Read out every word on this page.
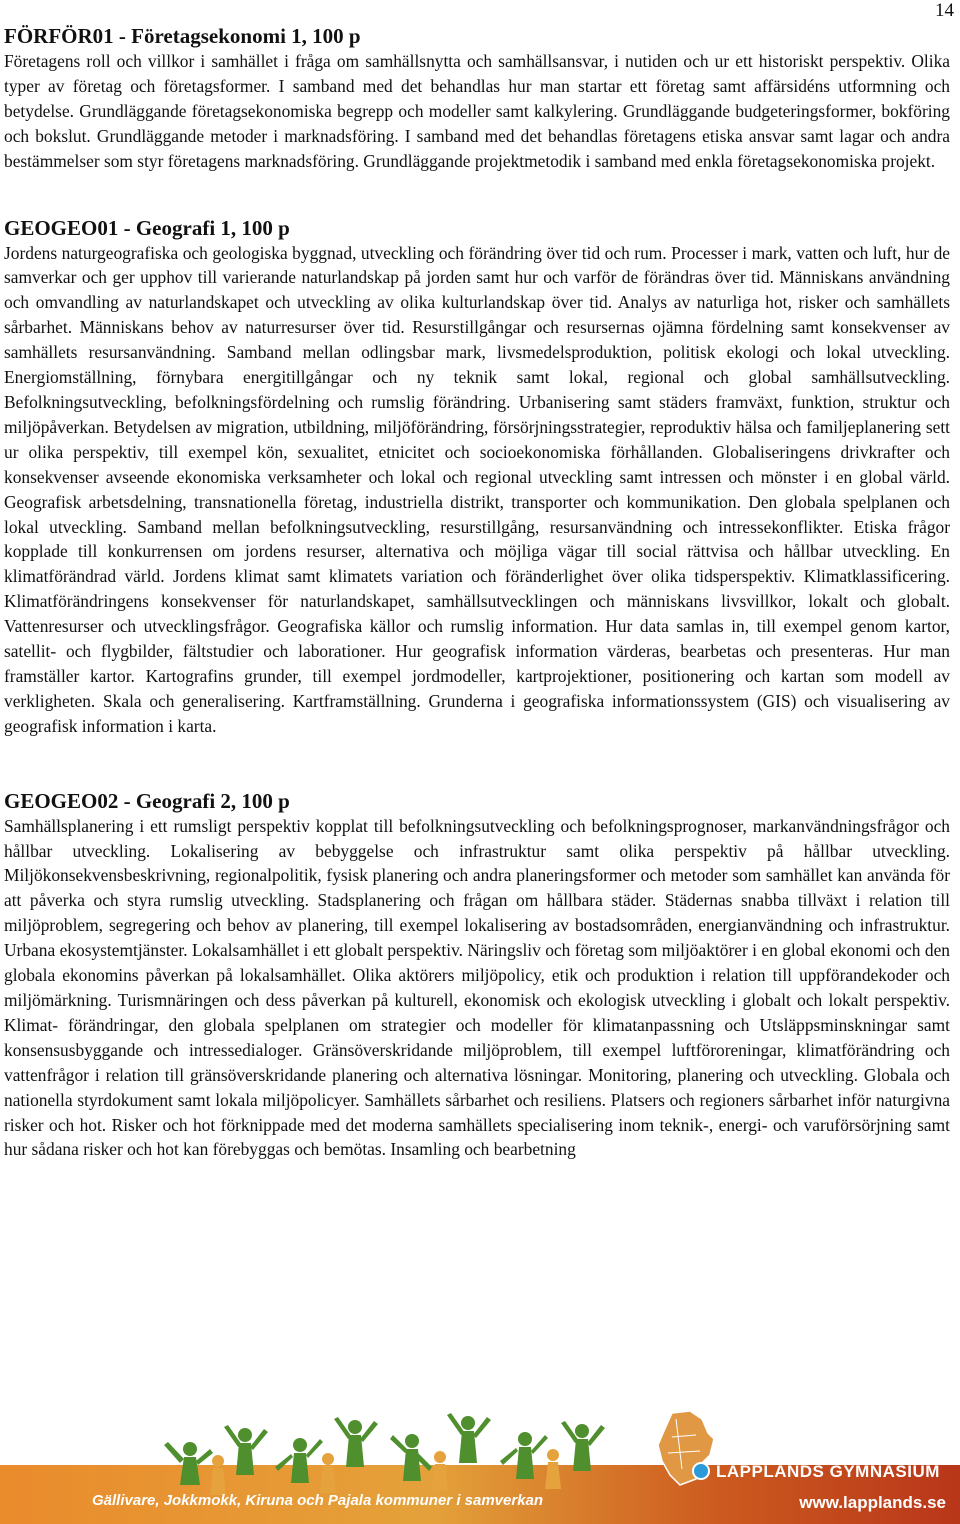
14
FÖRFÖR01 - Företagsekonomi 1, 100 p

Företagens roll och villkor i samhället i fråga om samhällsnytta och samhällsansvar, i nutiden och ur ett historiskt perspektiv. Olika typer av företag och företagsformer. I samband med det behandlas hur man startar ett företag samt affärsidéns utformning och betydelse. Grundläggande företagsekonomiska begrepp och modeller samt kalkylering. Grundläggande budgeteringsformer, bokföring och bokslut. Grundläggande metoder i marknadsföring. I samband med det behandlas företagens etiska ansvar samt lagar och andra bestämmelser som styr företagens marknadsföring. Grundläggande projektmetodik i samband med enkla företagsekonomiska projekt.

GEOGEO01 - Geografi 1, 100 p

Jordens naturgeografiska och geologiska byggnad, utveckling och förändring över tid och rum. Processer i mark, vatten och luft, hur de samverkar och ger upphov till varierande naturlandskap på jorden samt hur och varför de förändras över tid. Människans användning och omvandling av naturlandskapet och utveckling av olika kulturlandskap över tid. Analys av naturliga hot, risker och samhällets sårbarhet. Människans behov av naturresurser över tid. Resurstillgångar och resursernas ojämna fördelning samt konsekvenser av samhällets resursanvändning. Samband mellan odlingsbar mark, livsmedelsproduktion, politisk ekologi och lokal utveckling. Energiomställning, förnybara energitillgångar och ny teknik samt lokal, regional och global samhällsutveckling. Befolkningsutveckling, befolkningsfördelning och rumslig förändring. Urbanisering samt städers framväxt, funktion, struktur och miljöpåverkan. Betydelsen av migration, utbildning, miljöförändring, försörjningsstrategier, reproduktiv hälsa och familjeplanering sett ur olika perspektiv, till exempel kön, sexualitet, etnicitet och socioekonomiska förhållanden. Globaliseringens drivkrafter och konsekvenser avseende ekonomiska verksamheter och lokal och regional utveckling samt intressen och mönster i en global värld. Geografisk arbetsdelning, transnationella företag, industriella distrikt, transporter och kommunikation. Den globala spelplanen och lokal utveckling. Samband mellan befolkningsutveckling, resurstillgång, resursanvändning och intressekonflikter. Etiska frågor kopplade till konkurrensen om jordens resurser, alternativa och möjliga vägar till social rättvisa och hållbar utveckling. En klimatförändrad värld. Jordens klimat samt klimatets variation och föränderlighet över olika tidsperspektiv. Klimatklassificering. Klimatförändringens konsekvenser för naturlandskapet, samhällsutvecklingen och människans livsvillkor, lokalt och globalt. Vattenresurser och utvecklingsfrågor. Geografiska källor och rumslig information. Hur data samlas in, till exempel genom kartor, satellit- och flygbilder, fältstudier och laborationer. Hur geografisk information värderas, bearbetas och presenteras. Hur man framställer kartor. Kartografins grunder, till exempel jordmodeller, kartprojektioner, positionering och kartan som modell av verkligheten. Skala och generalisering. Kartframställning. Grunderna i geografiska informationssystem (GIS) och visualisering av geografisk information i karta.

GEOGEO02 - Geografi 2, 100 p

Samhällsplanering i ett rumsligt perspektiv kopplat till befolkningsutveckling och befolkningsprognoser, markanvändningsfrågor och hållbar utveckling. Lokalisering av bebyggelse och infrastruktur samt olika perspektiv på hållbar utveckling. Miljökonsekvensbeskrivning, regionalpolitik, fysisk planering och andra planeringsformer och metoder som samhället kan använda för att påverka och styra rumslig utveckling. Stadsplanering och frågan om hållbara städer. Städernas snabba tillväxt i relation till miljöproblem, segregering och behov av planering, till exempel lokalisering av bostadsområden, energianvändning och infrastruktur. Urbana ekosystemtjänster. Lokalsamhället i ett globalt perspektiv. Näringsliv och företag som miljöaktörer i en global ekonomi och den globala ekonomins påverkan på lokalsamhället. Olika aktörers miljöpolicy, etik och produktion i relation till uppförandekoder och miljömärkning. Turismnäringen och dess påverkan på kulturell, ekonomisk och ekologisk utveckling i globalt och lokalt perspektiv. Klimat- förändringar, den globala spelplanen om strategier och modeller för klimatanpassning och Utsläppsminskningar samt konsensusbyggande och intressedialoger. Gränsöverskridande miljöproblem, till exempel luftföroreningar, klimatförändring och vattenfrågor i relation till gränsöverskridande planering och alternativa lösningar. Monitoring, planering och utveckling. Globala och nationella styrdokument samt lokala miljöpolicyer. Samhällets sårbarhet och resiliens. Platsers och regioners sårbarhet inför naturgivna risker och hot. Risker och hot förknippade med det moderna samhällets specialisering inom teknik-, energi- och varuförsörjning samt hur sådana risker och hot kan förebyggas och bemötas. Insamling och bearbetning

LAPPLANDS GYMNASIUM
Gällivare, Jokkmokk, Kiruna och Pajala kommuner i samverkan	www.lapplands.se
